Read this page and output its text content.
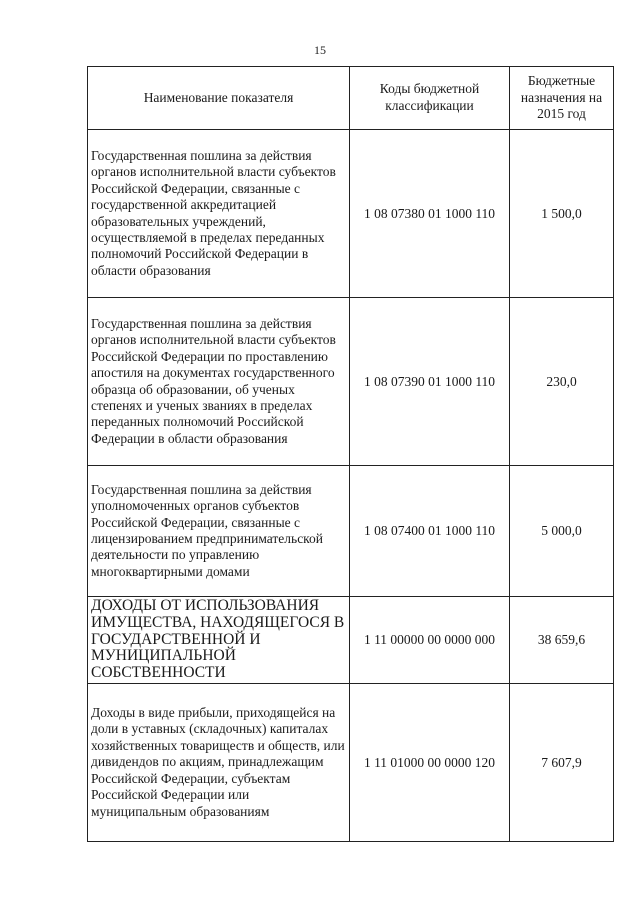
15
Наименование показателя	Коды бюджетной классификации	Бюджетные назначения на 2015 год
Государственная пошлина за действия органов исполнительной власти субъектов Российской Федерации, связанные с государственной аккредитацией образовательных учреждений, осуществляемой в пределах переданных полномочий Российской Федерации в области образования	1 08 07380 01 1000 110	1 500,0
Государственная пошлина за действия органов исполнительной власти субъектов Российской Федерации по проставлению апостиля на документах государственного образца об образовании, об ученых степенях и ученых званиях в пределах переданных полномочий Российской Федерации в области образования	1 08 07390 01 1000 110	230,0
Государственная пошлина за действия уполномоченных органов субъектов Российской Федерации, связанные с лицензированием предпринимательской деятельности по управлению многоквартирными домами	1 08 07400 01 1000 110	5 000,0
ДОХОДЫ ОТ ИСПОЛЬЗОВАНИЯ ИМУЩЕСТВА, НАХОДЯЩЕГОСЯ В ГОСУДАРСТВЕННОЙ И МУНИЦИПАЛЬНОЙ СОБСТВЕННОСТИ	1 11 00000 00 0000 000	38 659,6
Доходы в виде прибыли, приходящейся на доли в уставных (складочных) капиталах хозяйственных товариществ и обществ, или дивидендов по акциям, принадлежащим Российской Федерации, субъектам Российской Федерации или муниципальным образованиям	1 11 01000 00 0000 120	7 607,9
